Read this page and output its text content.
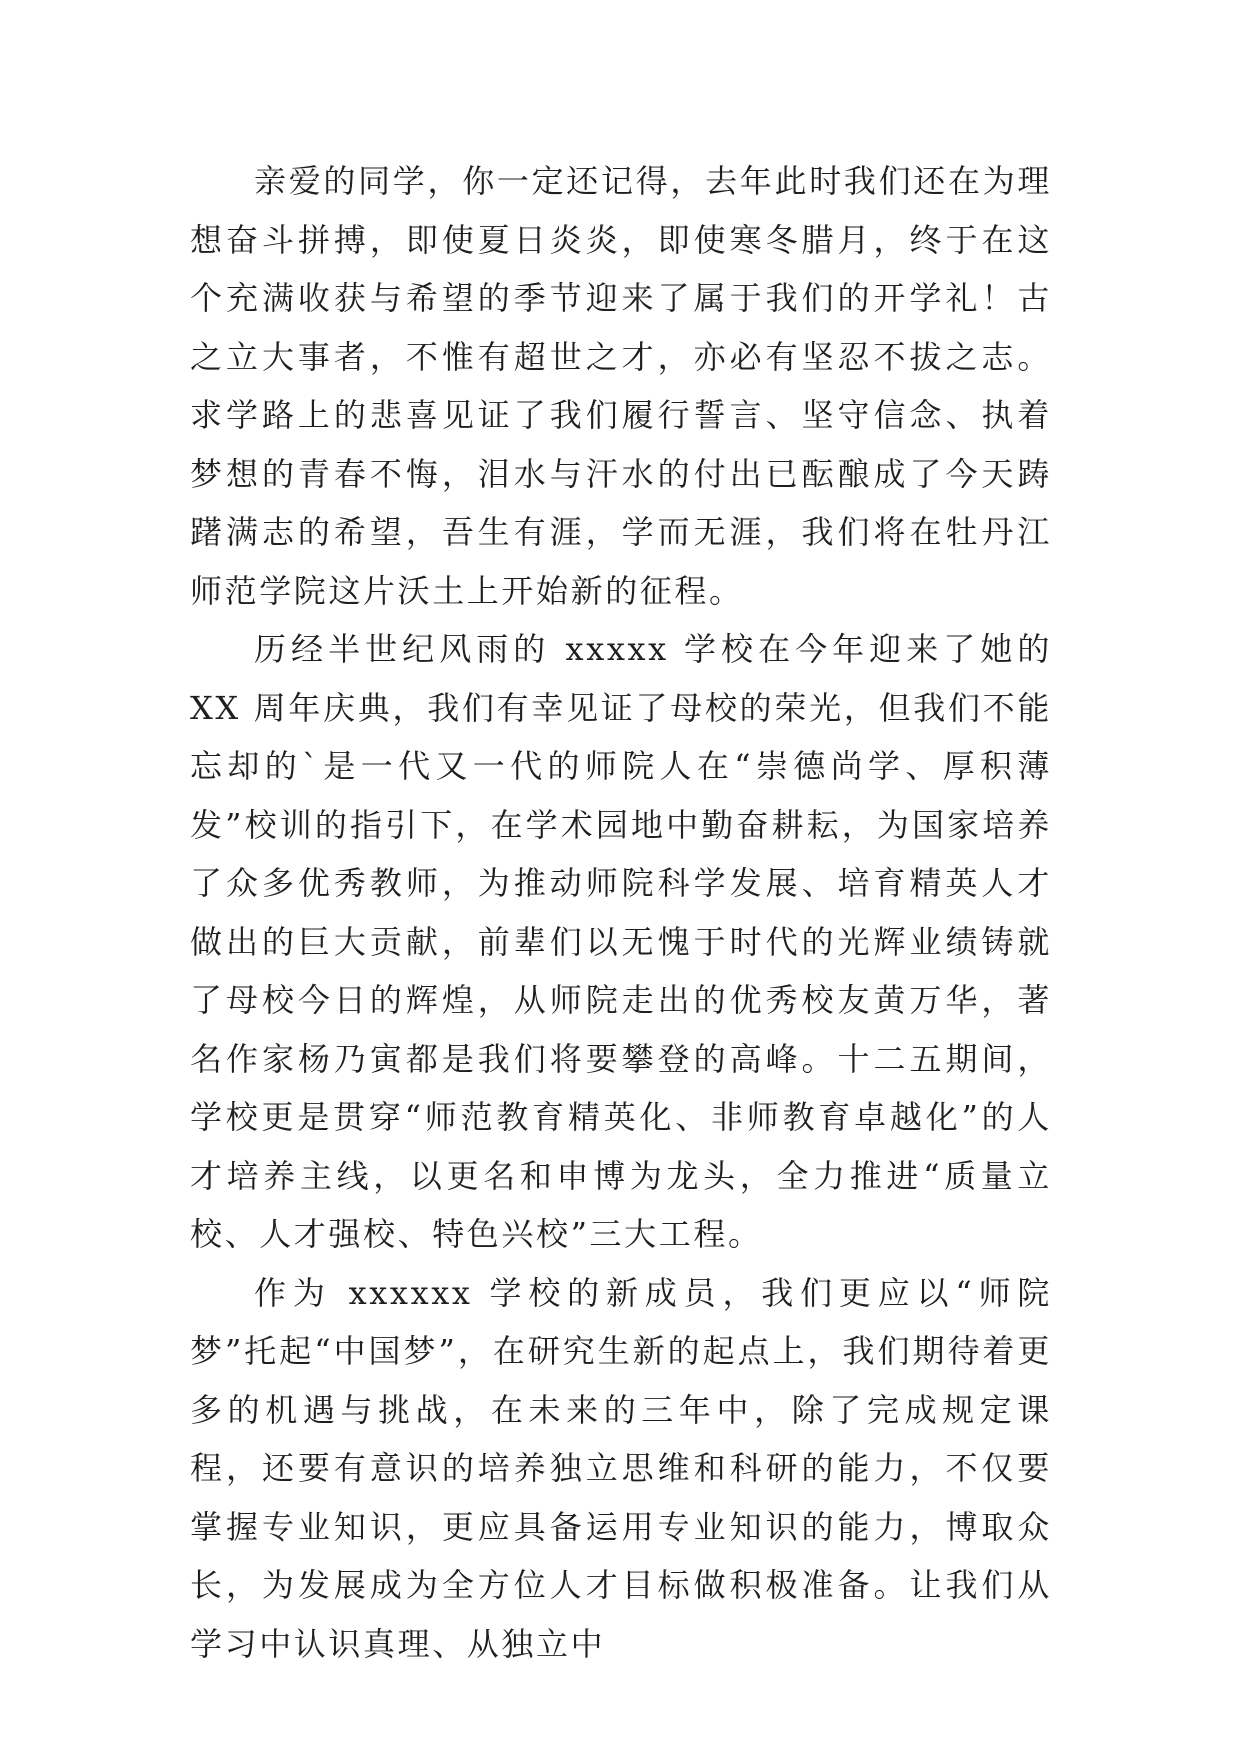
亲爱的同学，你一定还记得，去年此时我们还在为理想奋斗拼搏，即使夏日炎炎，即使寒冬腊月，终于在这个充满收获与希望的季节迎来了属于我们的开学礼！古之立大事者，不惟有超世之才，亦必有坚忍不拔之志。求学路上的悲喜见证了我们履行誓言、坚守信念、执着梦想的青春不悔，泪水与汗水的付出已酝酿成了今天踌躇满志的希望，吾生有涯，学而无涯，我们将在牡丹江师范学院这片沃土上开始新的征程。

历经半世纪风雨的 xxxxx 学校在今年迎来了她的 XX 周年庆典，我们有幸见证了母校的荣光，但我们不能忘却的`是一代又一代的师院人在“崇德尚学、厚积薄发”校训的指引下，在学术园地中勤奋耕耘，为国家培养了众多优秀教师，为推动师院科学发展、培育精英人才做出的巨大贡献，前辈们以无愧于时代的光辉业绩铸就了母校今日的辉煌，从师院走出的优秀校友黄万华，著名作家杨乃寅都是我们将要攀登的高峰。十二五期间，学校更是贯穿“师范教育精英化、非师教育卓越化”的人才培养主线，以更名和申博为龙头，全力推进“质量立校、人才强校、特色兴校”三大工程。

作为 xxxxxx 学校的新成员，我们更应以“师院梦”托起“中国梦”，在研究生新的起点上，我们期待着更多的机遇与挑战，在未来的三年中，除了完成规定课程，还要有意识的培养独立思维和科研的能力，不仅要掌握专业知识，更应具备运用专业知识的能力，博取众长，为发展成为全方位人才目标做积极准备。让我们从学习中认识真理、从独立中
